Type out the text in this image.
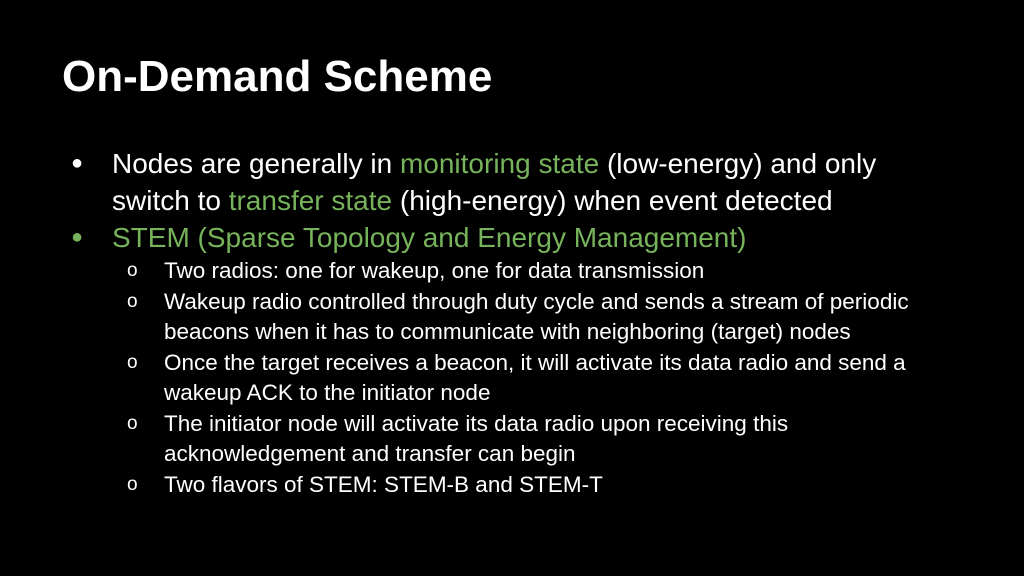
On-Demand Scheme
● Nodes are generally in monitoring state (low-energy) and only switch to transfer state (high-energy) when event detected
● STEM (Sparse Topology and Energy Management)
o Two radios: one for wakeup, one for data transmission
o Wakeup radio controlled through duty cycle and sends a stream of periodic beacons when it has to communicate with neighboring (target) nodes
o Once the target receives a beacon, it will activate its data radio and send a wakeup ACK to the initiator node
o The initiator node will activate its data radio upon receiving this acknowledgement and transfer can begin
o Two flavors of STEM: STEM-B and STEM-T
